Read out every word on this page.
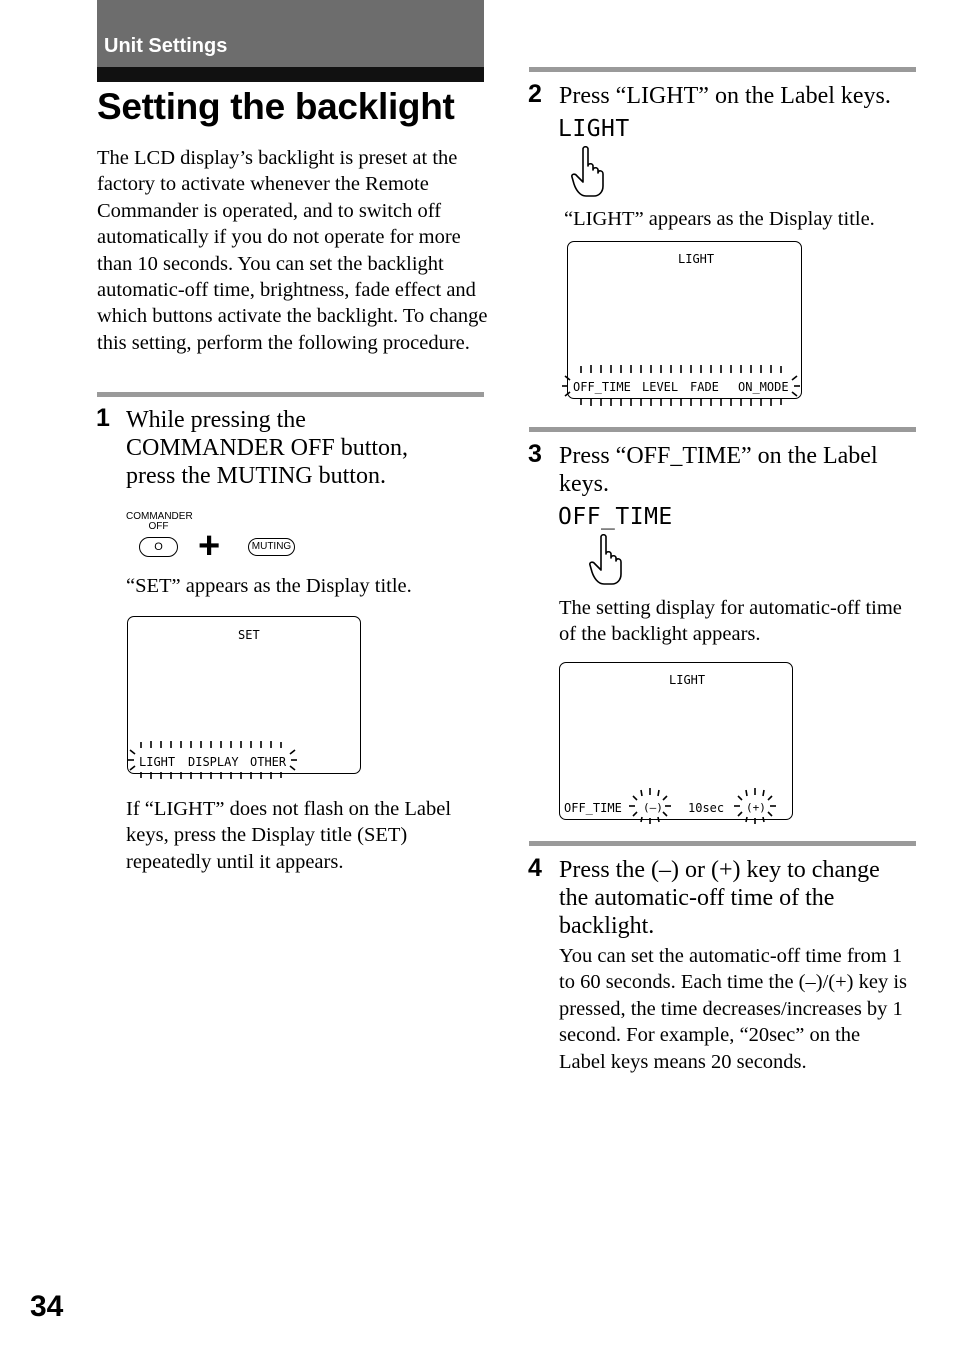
Unit Settings
Setting the backlight
The LCD display’s backlight is preset at the factory to activate whenever the Remote Commander is operated, and to switch off automatically if you do not operate for more than 10 seconds. You can set the backlight automatic-off time, brightness, fade effect and which buttons activate the backlight. To change this setting, perform the following procedure.
1 While pressing the COMMANDER OFF button, press the MUTING button.
COMMANDER
OFF
O +	MUTING
“SET” appears as the Display title.
SET
LIGHT DISPLAY OTHER
If “LIGHT” does not flash on the Label keys, press the Display title (SET) repeatedly until it appears.
2 Press “LIGHT” on the Label keys.
LIGHT
“LIGHT” appears as the Display title.
LIGHT
OFF_TIME LEVEL FADE ON_MODE
3 Press “OFF_TIME” on the Label keys.
OFF_TIME
The setting display for automatic-off time of the backlight appears.
LIGHT
OFF_TIME (–) 10sec (+)
4 Press the (–) or (+) key to change the automatic-off time of the backlight.
You can set the automatic-off time from 1 to 60 seconds. Each time the (–)/(+) key is pressed, the time decreases/increases by 1 second. For example, “20sec” on the Label keys means 20 seconds.
34
